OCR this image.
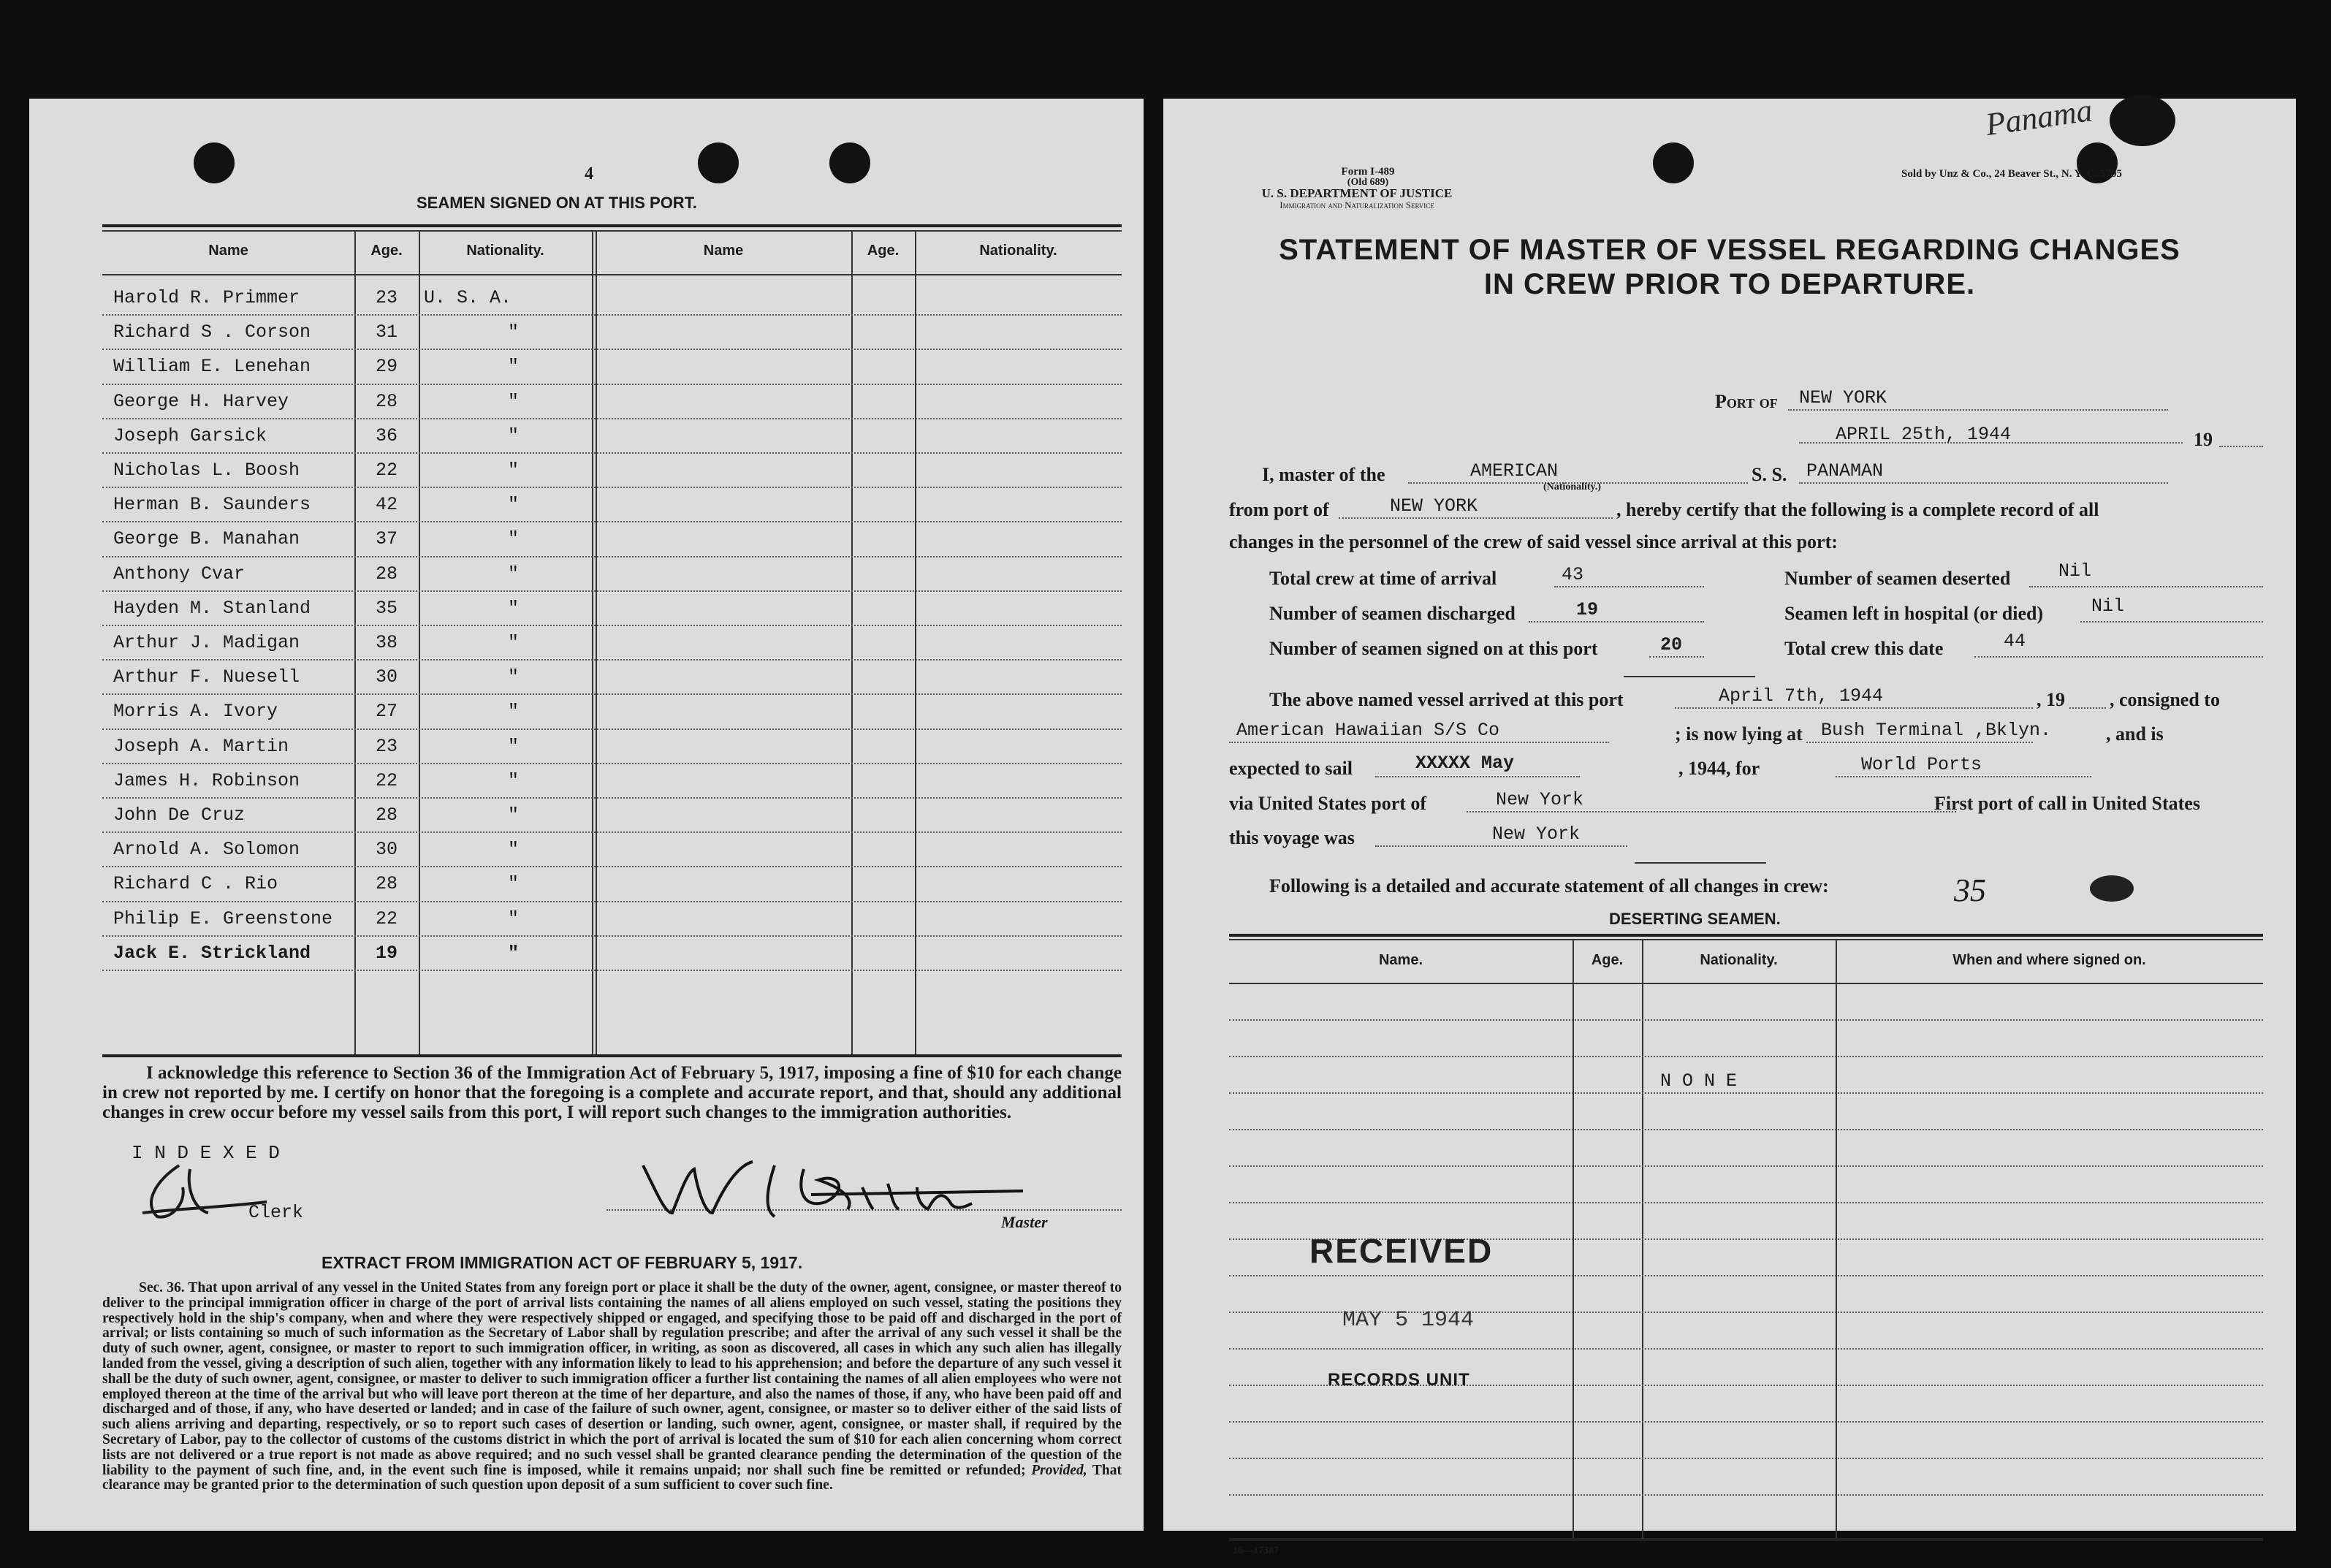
4
SEAMEN SIGNED ON AT THIS PORT.
Name	Age.	Nationality.	Name	Age.	Nationality.
Harold R. Primmer	23	U. S. A.
Richard S . Corson	31	"
William E. Lenehan	29	"
George H. Harvey	28	"
Joseph Garsick	36	"
Nicholas L. Boosh	22	"
Herman B. Saunders	42	"
George B. Manahan	37	"
Anthony Cvar	28	"
Hayden M. Stanland	35	"
Arthur J. Madigan	38	"
Arthur F. Nuesell	30	"
Morris A. Ivory	27	"
Joseph A. Martin	23	"
James H. Robinson	22	"
John De Cruz	28	"
Arnold A. Solomon	30	"
Richard C . Rio	28	"
Philip E. Greenstone	22	"
Jack E. Strickland	19	"
I acknowledge this reference to Section 36 of the Immigration Act of February 5, 1917, imposing a fine of $10 for each change in crew not reported by me. I certify on honor that the foregoing is a complete and accurate report, and that, should any additional changes in crew occur before my vessel sails from this port, I will report such changes to the immigration authorities.
I N D E X E D
Clerk	Master
EXTRACT FROM IMMIGRATION ACT OF FEBRUARY 5, 1917.
Sec. 36. That upon arrival of any vessel in the United States from any foreign port or place it shall be the duty of the owner, agent, consignee, or master thereof to deliver to the principal immigration officer in charge of the port of arrival lists containing the names of all aliens employed on such vessel, stating the positions they respectively hold in the ship's company, when and where they were respectively shipped or engaged, and specifying those to be paid off and discharged in the port of arrival; or lists containing so much of such information as the Secretary of Labor shall by regulation prescribe; and after the arrival of any such vessel it shall be the duty of such owner, agent, consignee, or master to report to such immigration officer, in writing, as soon as discovered, all cases in which any such alien has illegally landed from the vessel, giving a description of such alien, together with any information likely to lead to his apprehension; and before the departure of any such vessel it shall be the duty of such owner, agent, consignee, or master to deliver to such immigration officer a further list containing the names of all alien employees who were not employed thereon at the time of the arrival but who will leave port thereon at the time of her departure, and also the names of those, if any, who have been paid off and discharged and of those, if any, who have deserted or landed; and in case of the failure of such owner, agent, consignee, or master so to deliver either of the said lists of such aliens arriving and departing, respectively, or so to report such cases of desertion or landing, such owner, agent, consignee, or master shall, if required by the Secretary of Labor, pay to the collector of customs of the customs district in which the port of arrival is located the sum of $10 for each alien concerning whom correct lists are not delivered or a true report is not made as above required; and no such vessel shall be granted clearance pending the determination of the question of the liability to the payment of such fine, and, in the event such fine is imposed, while it remains unpaid; nor shall such fine be remitted or refunded; Provided, That clearance may be granted prior to the determination of such question upon deposit of a sum sufficient to cover such fine.
Form I-489
(Old 689)
U. S. DEPARTMENT OF JUSTICE
Immigration and Naturalization Service
Sold by Unz & Co., 24 Beaver St., N. Y. C. 5705
Panama
STATEMENT OF MASTER OF VESSEL REGARDING CHANGES
IN CREW PRIOR TO DEPARTURE.
Port of NEW YORK
APRIL 25th, 1944	19
I, master of the	AMERICAN
(Nationality.)
S. S. PANAMAN
from port of	NEW YORK	, hereby certify that the following is a complete record of all
changes in the personnel of the crew of said vessel since arrival at this port:
Total crew at time of arrival	43	Number of seamen deserted	Nil
Number of seamen discharged	19	Seamen left in hospital (or died)	Nil
Number of seamen signed on at this port	20	Total crew this date	44
The above named vessel arrived at this port	April 7th, 1944	, 19 , consigned to
American Hawaiian S/S Co	; is now lying at Bush Terminal ,Bklyn.	, and is
expected to sail	XXXXX May	, 1944, for	World Ports
via United States port of	New York	First port of call in United States
this voyage was	New York
Following is a detailed and accurate statement of all changes in crew:	35
DESERTING SEAMEN.
Name.	Age.	Nationality.	When and where signed on.
N O N E
RECEIVED
MAY 5 1944
RECORDS UNIT
16—17387
